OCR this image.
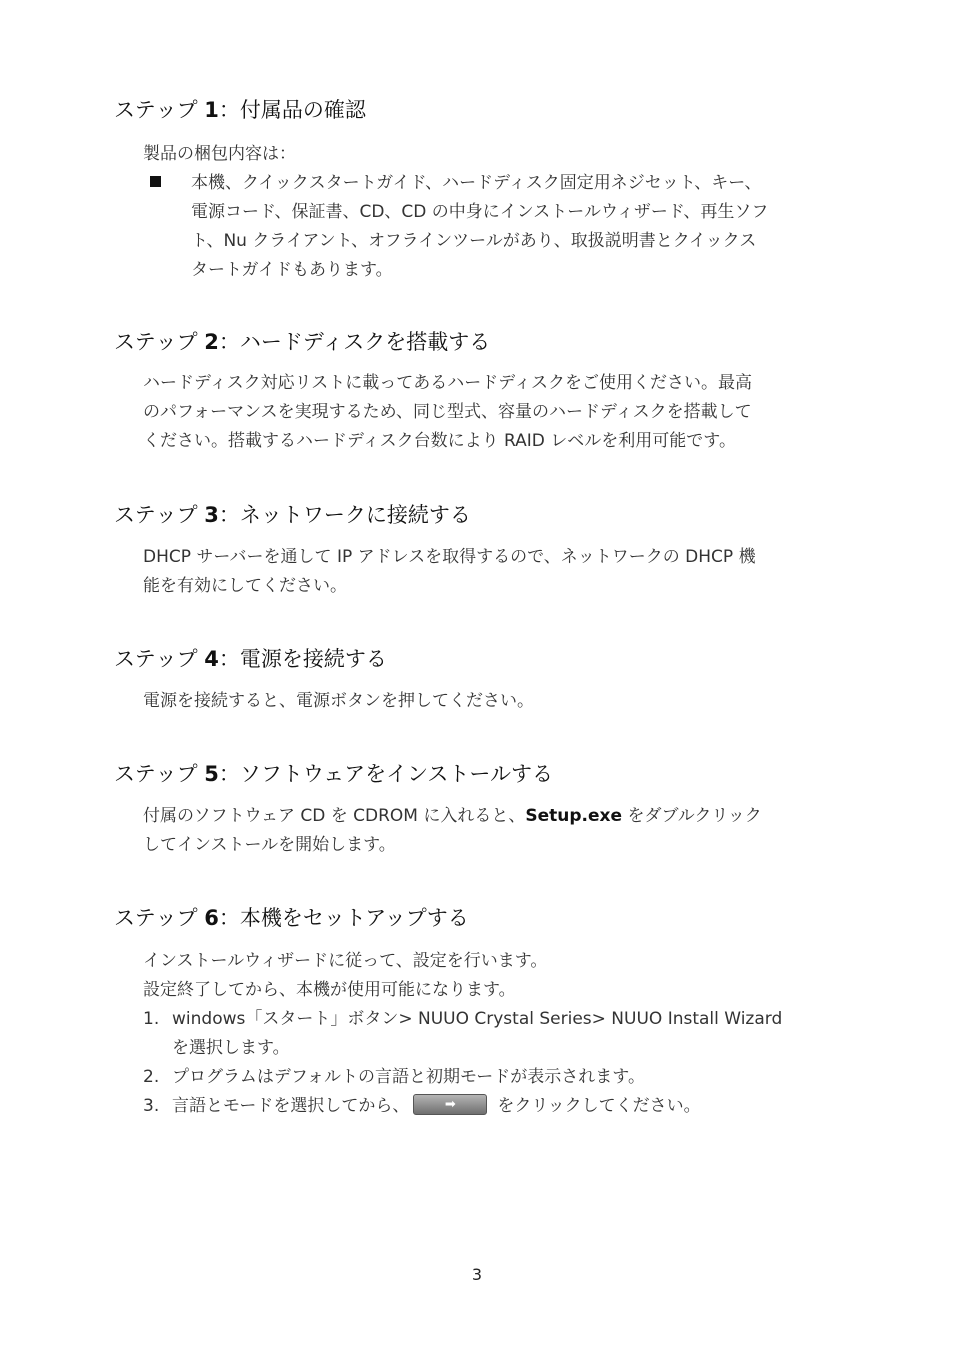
ステップ 1：付属品の確認
製品の梱包内容は：
本機、クイックスタートガイド、ハードディスク固定用ネジセット、キー、
電源コード、保証書、CD、CD の中身にインストールウィザード、再生ソフ
ト、Nu クライアント、オフラインツールがあり、取扱説明書とクイックス
タートガイドもあります。
ステップ 2：ハードディスクを搭載する
ハードディスク対応リストに載ってあるハードディスクをご使用ください。最高
のパフォーマンスを実現するため、同じ型式、容量のハードディスクを搭載して
ください。搭載するハードディスク台数により RAID レベルを利用可能です。
ステップ 3：ネットワークに接続する
DHCP サーバーを通して IP アドレスを取得するので、ネットワークの DHCP 機
能を有効にしてください。
ステップ 4：電源を接続する
電源を接続すると、電源ボタンを押してください。
ステップ 5：ソフトウェアをインストールする
付属のソフトウェア CD を CDROM に入れると、Setup.exe をダブルクリック
してインストールを開始します。
ステップ 6：本機をセットアップする
インストールウィザードに従って、設定を行います。
設定終了してから、本機が使用可能になります。
1. windows「スタート」ボタン> NUUO Crystal Series> NUUO Install Wizard
を選択します。
2. プログラムはデフォルトの言語と初期モードが表示されます。
3. 言語とモードを選択してから、	➡	をクリックしてください。
3
